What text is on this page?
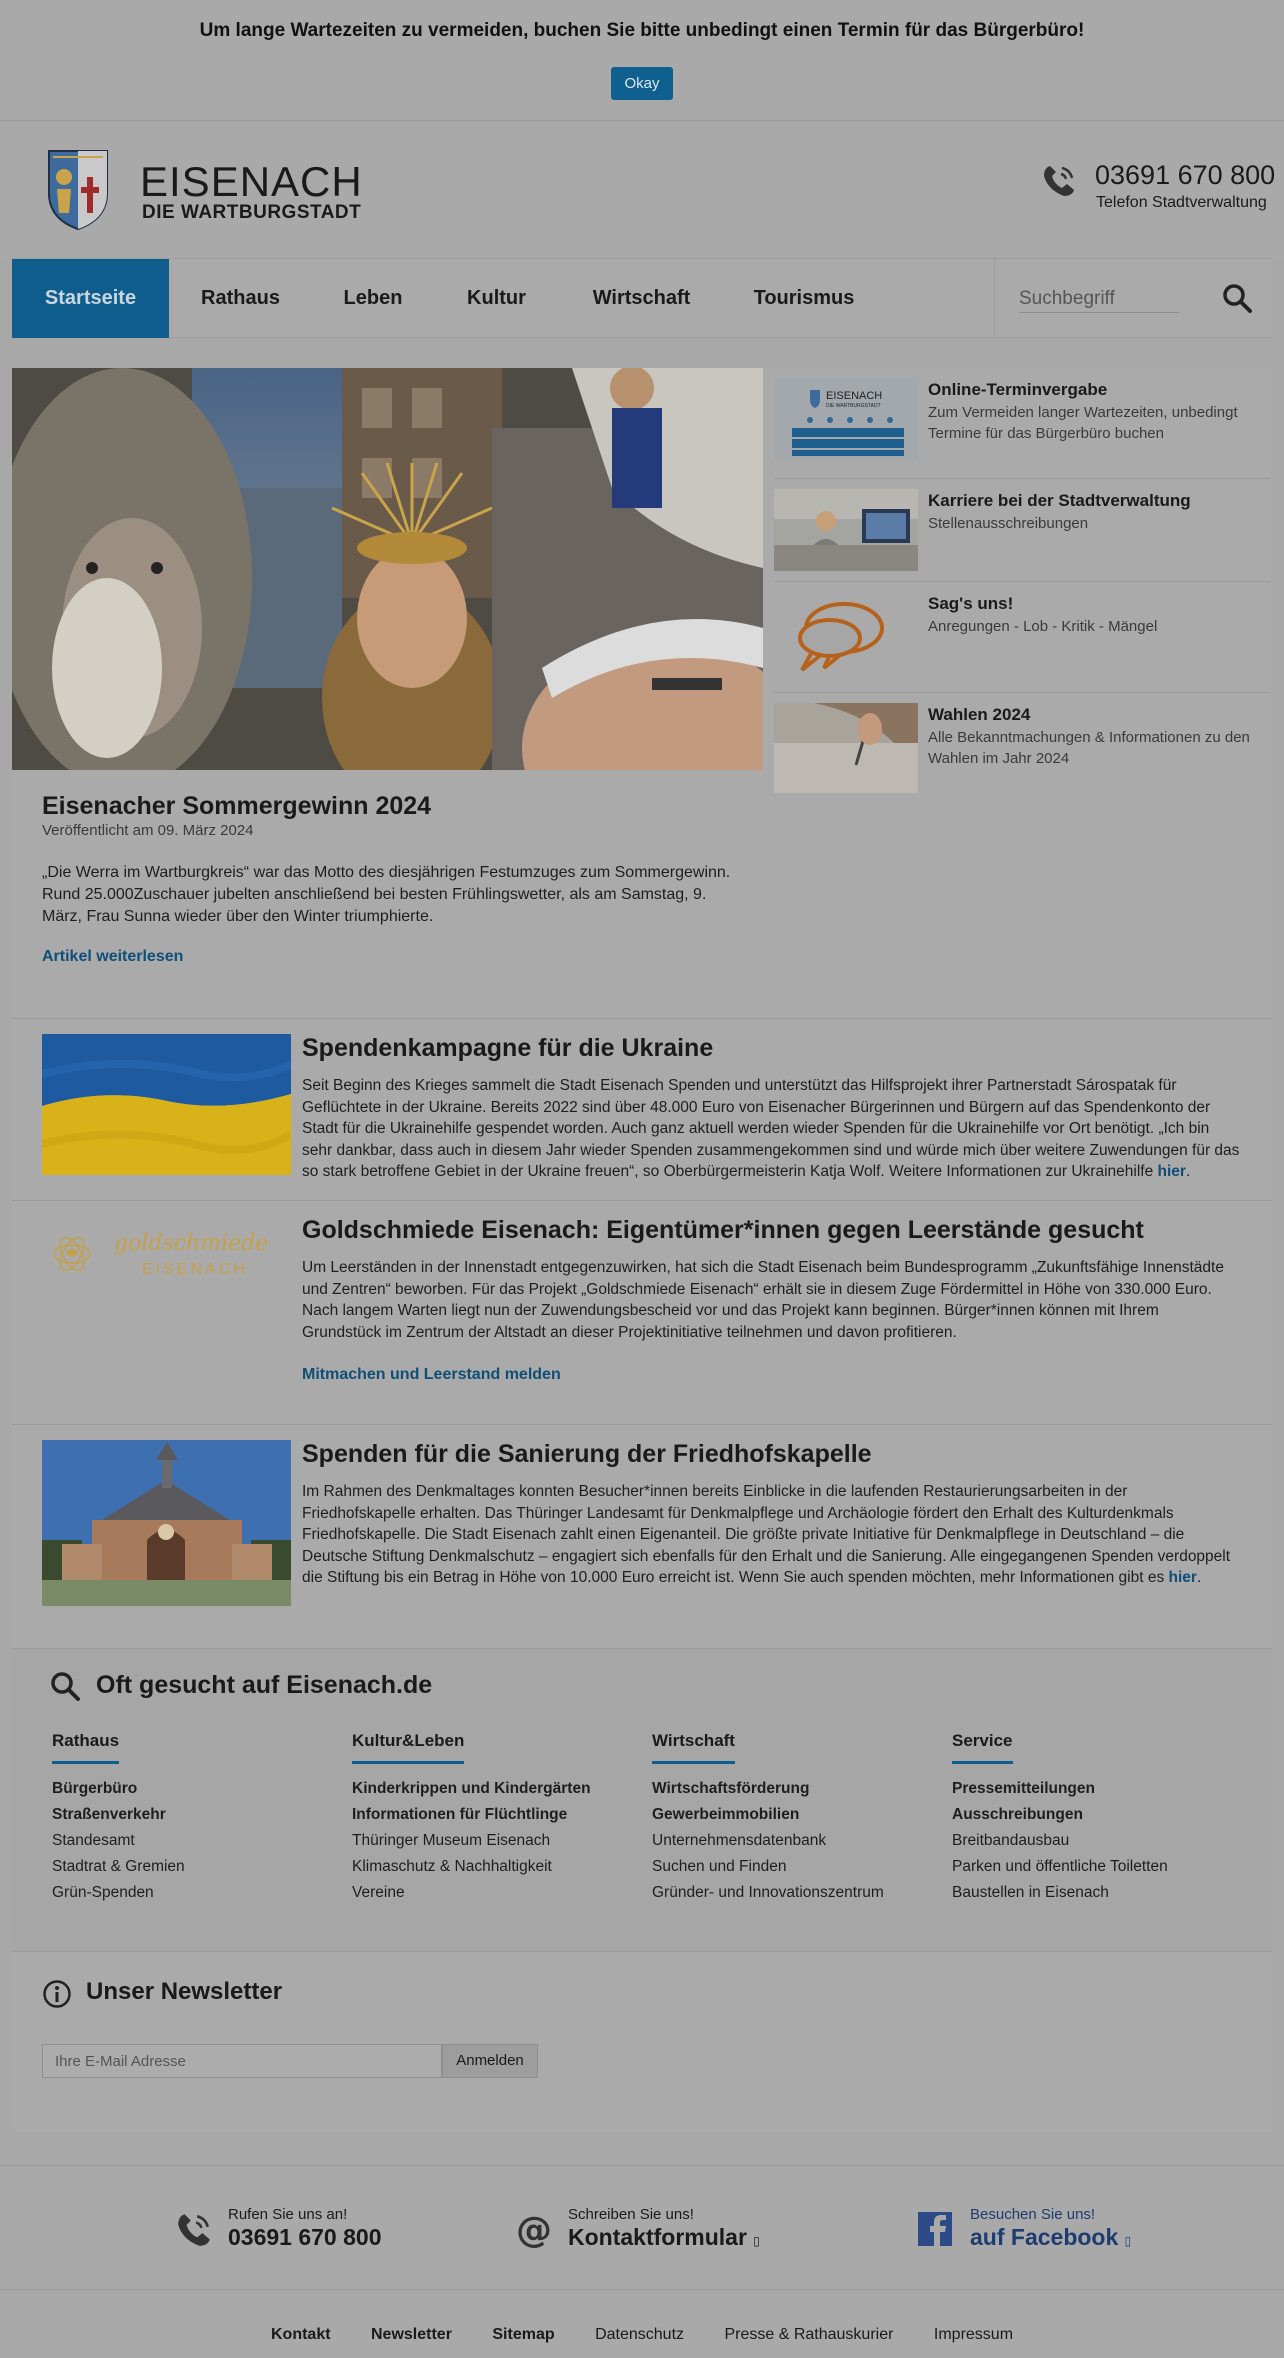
Um lange Wartezeiten zu vermeiden, buchen Sie bitte unbedingt einen Termin für das Bürgerbüro!
Okay
EISENACH
DIE WARTBURGSTADT
03691 670 800
Telefon Stadtverwaltung
Startseite	Rathaus	Leben	Kultur	Wirtschaft	Tourismus
Suchbegriff
Eisenacher Sommergewinn 2024
Veröffentlicht am 09. März 2024
„Die Werra im Wartburgkreis“ war das Motto des diesjährigen Festumzuges zum Sommergewinn. Rund 25.000Zuschauer jubelten anschließend bei besten Frühlingswetter, als am Samstag, 9. März, Frau Sunna wieder über den Winter triumphierte.
Artikel weiterlesen
EISENACH
DIE WARTBURGSTADT
Online-Terminvergabe
Zum Vermeiden langer Wartezeiten, unbedingt Termine für das Bürgerbüro buchen
Karriere bei der Stadtverwaltung
Stellenausschreibungen
Sag's uns!
Anregungen - Lob - Kritik - Mängel
Wahlen 2024
Alle Bekanntmachungen & Informationen zu den Wahlen im Jahr 2024
Spendenkampagne für die Ukraine
Seit Beginn des Krieges sammelt die Stadt Eisenach Spenden und unterstützt das Hilfsprojekt ihrer Partnerstadt Sárospatak für Geflüchtete in der Ukraine. Bereits 2022 sind über 48.000 Euro von Eisenacher Bürgerinnen und Bürgern auf das Spendenkonto der Stadt für die Ukrainehilfe gespendet worden. Auch ganz aktuell werden wieder Spenden für die Ukrainehilfe vor Ort benötigt. „Ich bin sehr dankbar, dass auch in diesem Jahr wieder Spenden zusammengekommen sind und würde mich über weitere Zuwendungen für das so stark betroffene Gebiet in der Ukraine freuen“, so Oberbürgermeisterin Katja Wolf. Weitere Informationen zur Ukrainehilfe hier.
goldschmiede
EISENACH
Goldschmiede Eisenach: Eigentümer*innen gegen Leerstände gesucht
Um Leerständen in der Innenstadt entgegenzuwirken, hat sich die Stadt Eisenach beim Bundesprogramm „Zukunftsfähige Innenstädte und Zentren“ beworben. Für das Projekt „Goldschmiede Eisenach“ erhält sie in diesem Zuge Fördermittel in Höhe von 330.000 Euro. Nach langem Warten liegt nun der Zuwendungsbescheid vor und das Projekt kann beginnen. Bürger*innen können mit Ihrem Grundstück im Zentrum der Altstadt an dieser Projektinitiative teilnehmen und davon profitieren.
Mitmachen und Leerstand melden
Spenden für die Sanierung der Friedhofskapelle
Im Rahmen des Denkmaltages konnten Besucher*innen bereits Einblicke in die laufenden Restaurierungsarbeiten in der Friedhofskapelle erhalten. Das Thüringer Landesamt für Denkmalpflege und Archäologie fördert den Erhalt des Kulturdenkmals Friedhofskapelle. Die Stadt Eisenach zahlt einen Eigenanteil. Die größte private Initiative für Denkmalpflege in Deutschland – die Deutsche Stiftung Denkmalschutz – engagiert sich ebenfalls für den Erhalt und die Sanierung. Alle eingegangenen Spenden verdoppelt die Stiftung bis ein Betrag in Höhe von 10.000 Euro erreicht ist. Wenn Sie auch spenden möchten, mehr Informationen gibt es hier.
Oft gesucht auf Eisenach.de
Rathaus
Bürgerbüro
Straßenverkehr
Standesamt
Stadtrat & Gremien
Grün-Spenden
Kultur&Leben
Kinderkrippen und Kindergärten
Informationen für Flüchtlinge
Thüringer Museum Eisenach
Klimaschutz & Nachhaltigkeit
Vereine
Wirtschaft
Wirtschaftsförderung
Gewerbeimmobilien
Unternehmensdatenbank
Suchen und Finden
Gründer- und Innovationszentrum
Service
Pressemitteilungen
Ausschreibungen
Breitbandausbau
Parken und öffentliche Toiletten
Baustellen in Eisenach
Unser Newsletter
Ihre E-Mail Adresse
Anmelden
Rufen Sie uns an!
03691 670 800	@ Schreiben Sie uns!
Kontaktformular ▯
Besuchen Sie uns!
auf Facebook ▯
Kontakt	Newsletter	Sitemap	Datenschutz	Presse & Rathauskurier	Impressum
